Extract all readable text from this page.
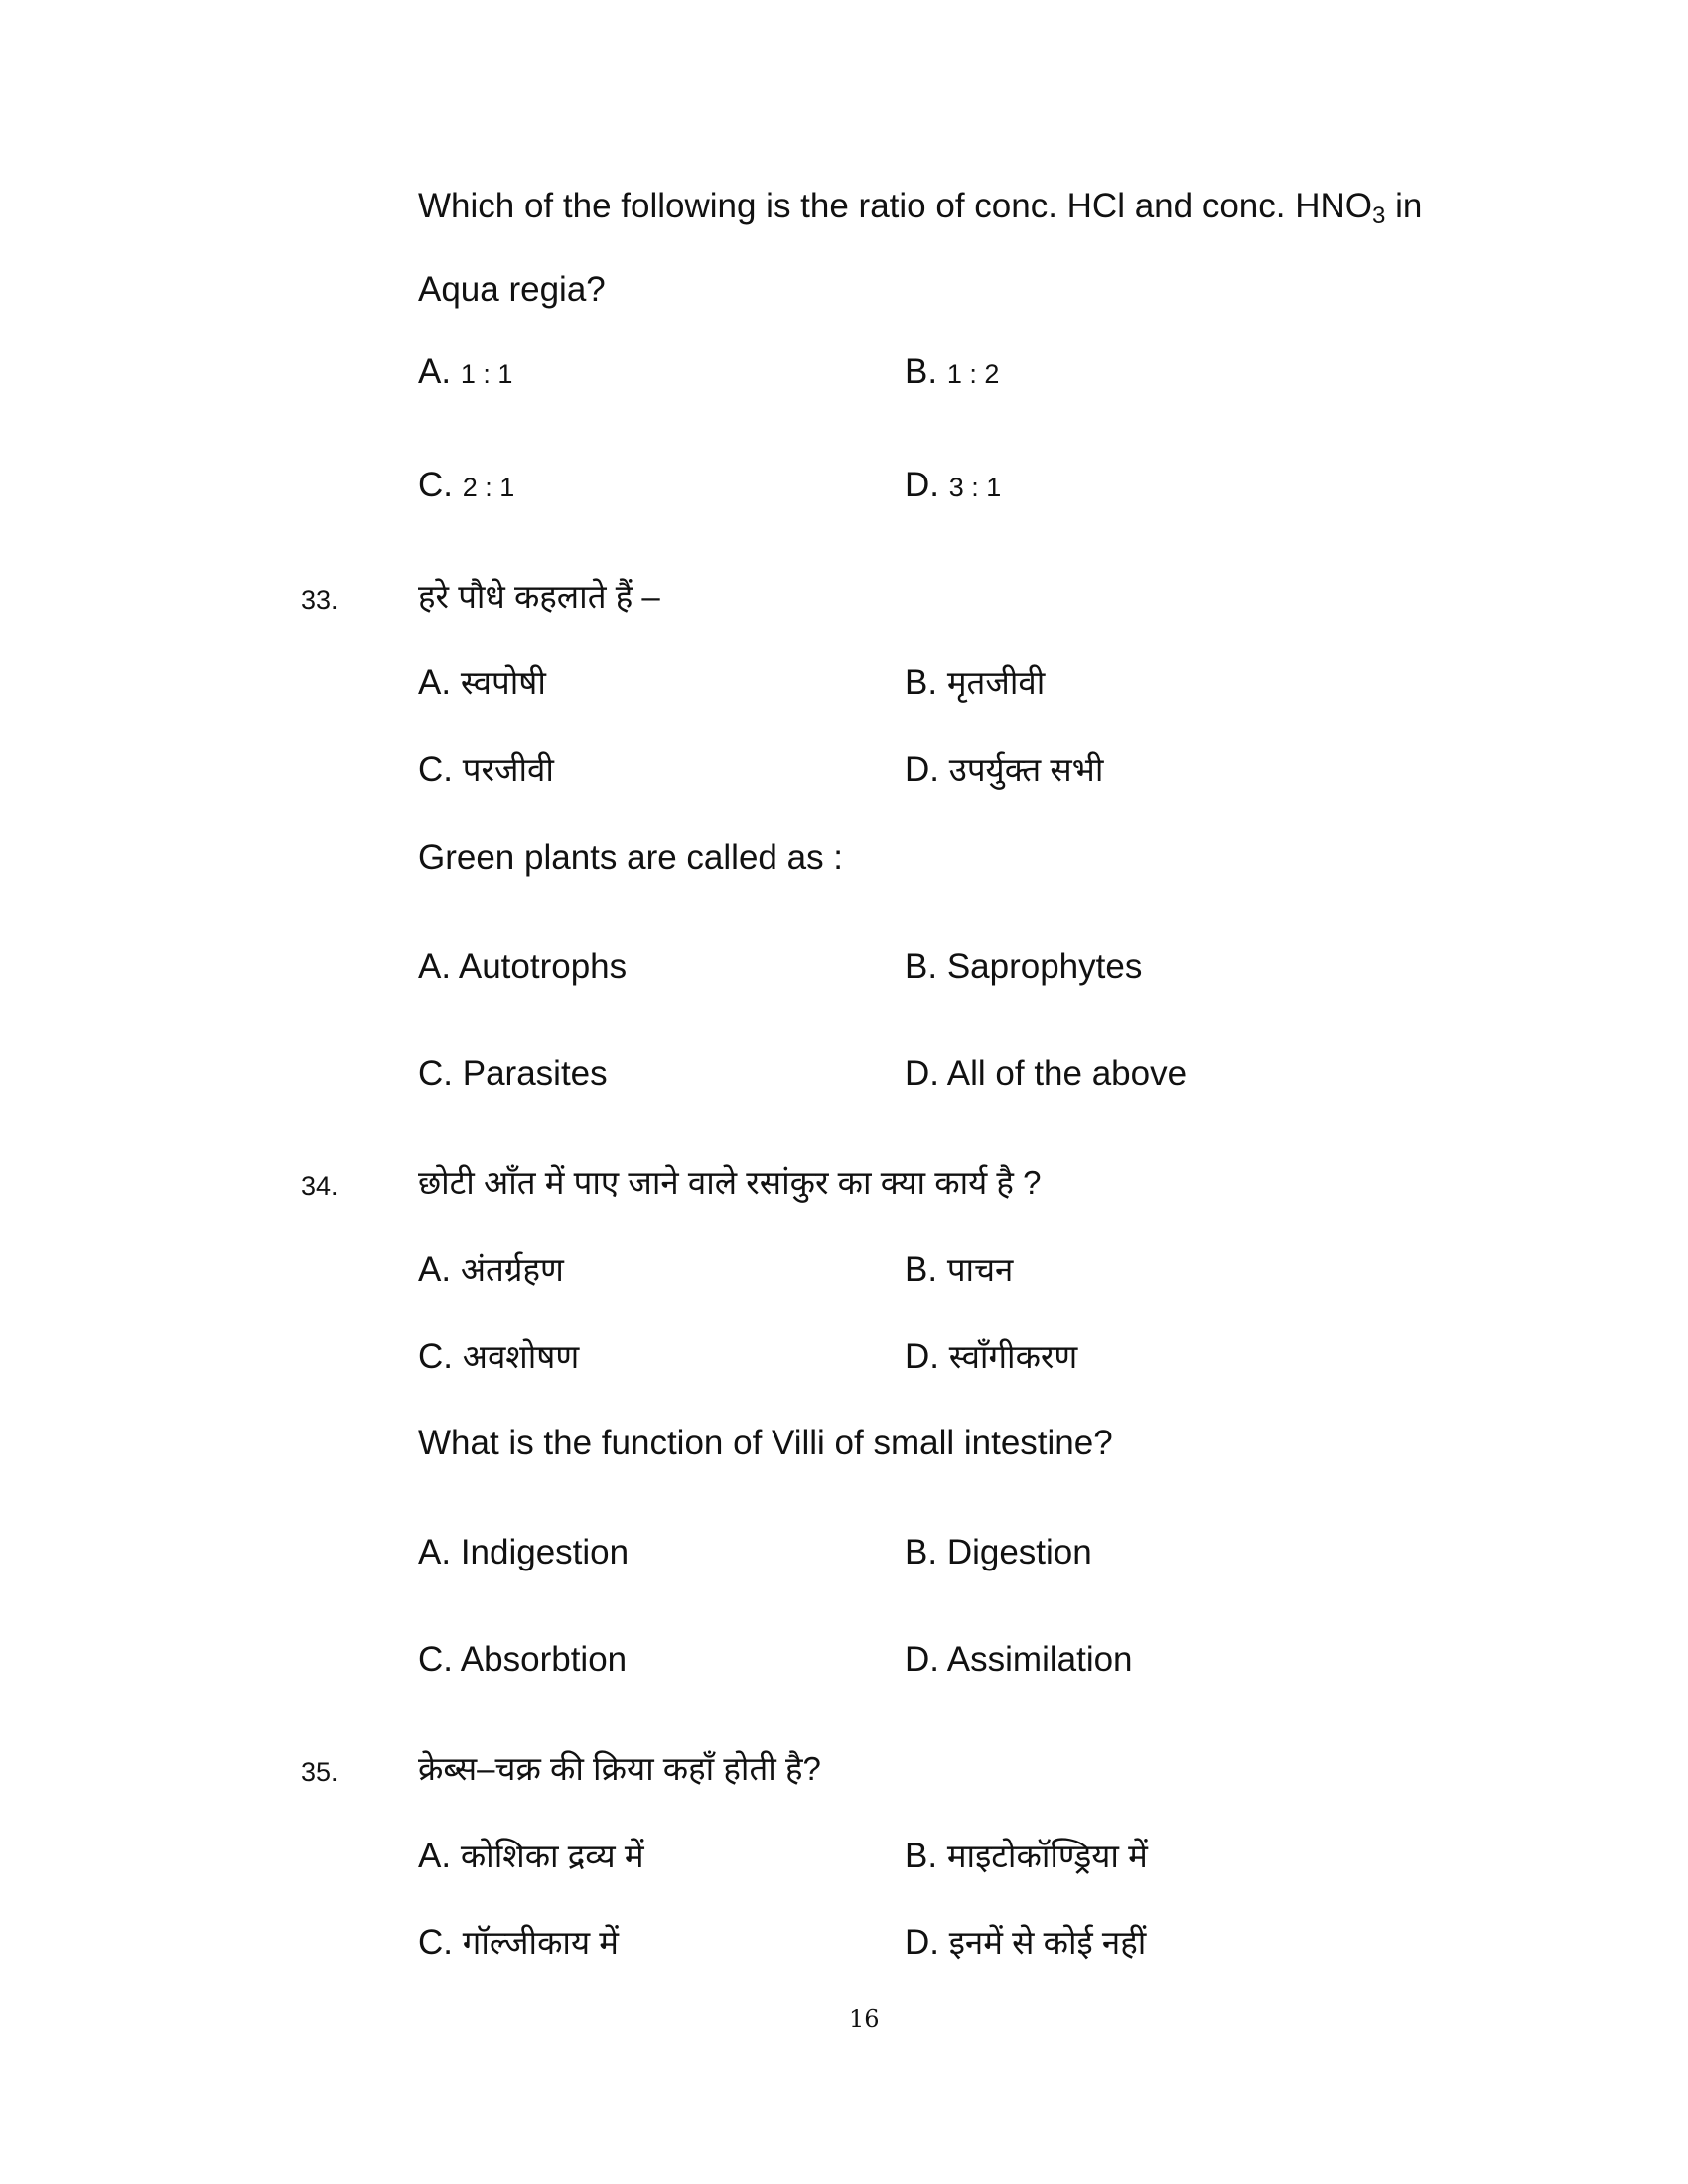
Which of the following is the ratio of conc. HCl and conc. $HNO_3$ in
Aqua regia?
A. 1 : 1	B. 1 : 2
C. 2 : 1	D. 3 : 1
33. हरे पौधे कहलाते हैं –
A. स्वपोषी	B. मृतजीवी
C. परजीवी	D. उपर्युक्त सभी
Green plants are called as :
A. Autotrophs	B. Saprophytes
C. Parasites	D. All of the above
34. छोटी आँत में पाए जाने वाले रसांकुर का क्या कार्य है ?
A. अंतर्ग्रहण	B. पाचन
C. अवशोषण	D. स्वाँगीकरण
What is the function of Villi of small intestine?
A. Indigestion	B. Digestion
C. Absorbtion	D. Assimilation
35. क्रेब्स–चक्र की क्रिया कहाँ होती है?
A. कोशिका द्रव्य में	B. माइटोकॉण्ड्रिया में
C. गॉल्जीकाय में	D. इनमें से कोई नहीं
16
